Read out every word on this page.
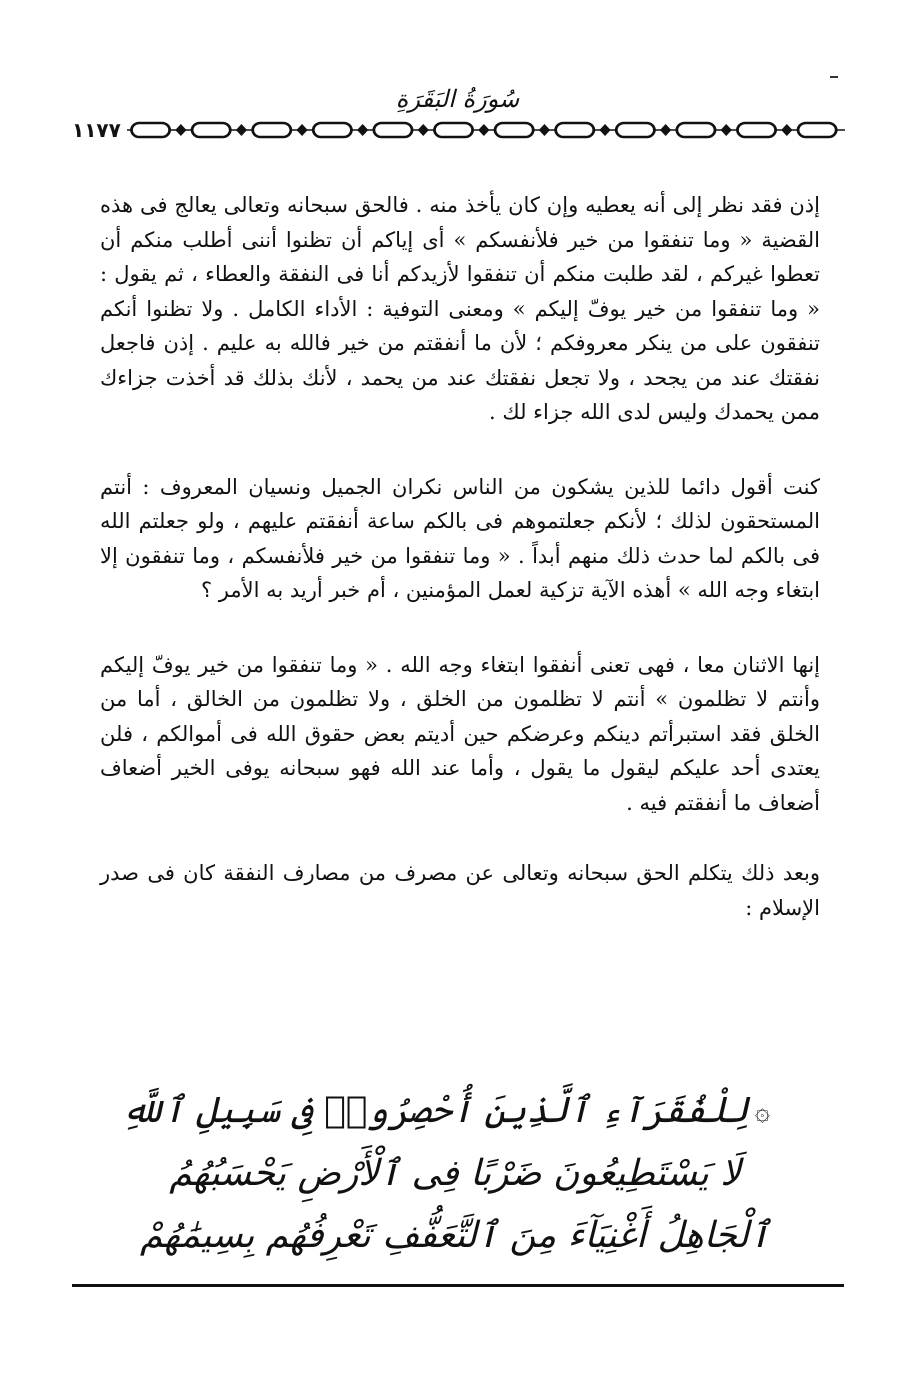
سُورَةُ البَقَرَةِ
١١٧٧

إذن فقد نظر إلى أنه يعطيه وإن كان يأخذ منه . فالحق سبحانه وتعالى يعالج فى هذه القضية « وما تنفقوا من خير فلأنفسكم » أى إياكم أن تظنوا أننى أطلب منكم أن تعطوا غيركم ، لقد طلبت منكم أن تنفقوا لأزيدكم أنا فى النفقة والعطاء ، ثم يقول : « وما تنفقوا من خير يوفّ إليكم » ومعنى التوفية : الأداء الكامل . ولا تظنوا أنكم تنفقون على من ينكر معروفكم ؛ لأن ما أنفقتم من خير فالله به عليم . إذن فاجعل نفقتك عند من يجحد ، ولا تجعل نفقتك عند من يحمد ، لأنك بذلك قد أخذت جزاءك ممن يحمدك وليس لدى الله جزاء لك .

كنت أقول دائما للذين يشكون من الناس نكران الجميل ونسيان المعروف : أنتم المستحقون لذلك ؛ لأنكم جعلتموهم فى بالكم ساعة أنفقتم عليهم ، ولو جعلتم الله فى بالكم لما حدث ذلك منهم أبداً . « وما تنفقوا من خير فلأنفسكم ، وما تنفقون إلا ابتغاء وجه الله » أهذه الآية تزكية لعمل المؤمنين ، أم خبر أريد به الأمر ؟

إنها الاثنان معا ، فهى تعنى أنفقوا ابتغاء وجه الله . « وما تنفقوا من خير يوفّ إليكم وأنتم لا تظلمون » أنتم لا تظلمون من الخلق ، ولا تظلمون من الخالق ، أما من الخلق فقد استبرأتم دينكم وعرضكم حين أديتم بعض حقوق الله فى أموالكم ، فلن يعتدى أحد عليكم ليقول ما يقول ، وأما عند الله فهو سبحانه يوفى الخير أضعاف أضعاف ما أنفقتم فيه .

وبعد ذلك يتكلم الحق سبحانه وتعالى عن مصرف من مصارف النفقة كان فى صدر الإسلام :

۞لِلْفُقَرَآءِ ٱلَّذِينَ أُحْصِرُوا۟ فِى سَبِيلِ ٱللَّهِ
لَا يَسْتَطِيعُونَ ضَرْبًا فِى ٱلْأَرْضِ يَحْسَبُهُمُ
ٱلْجَاهِلُ أَغْنِيَآءَ مِنَ ٱلتَّعَفُّفِ تَعْرِفُهُم بِسِيمَٰهُمْ
